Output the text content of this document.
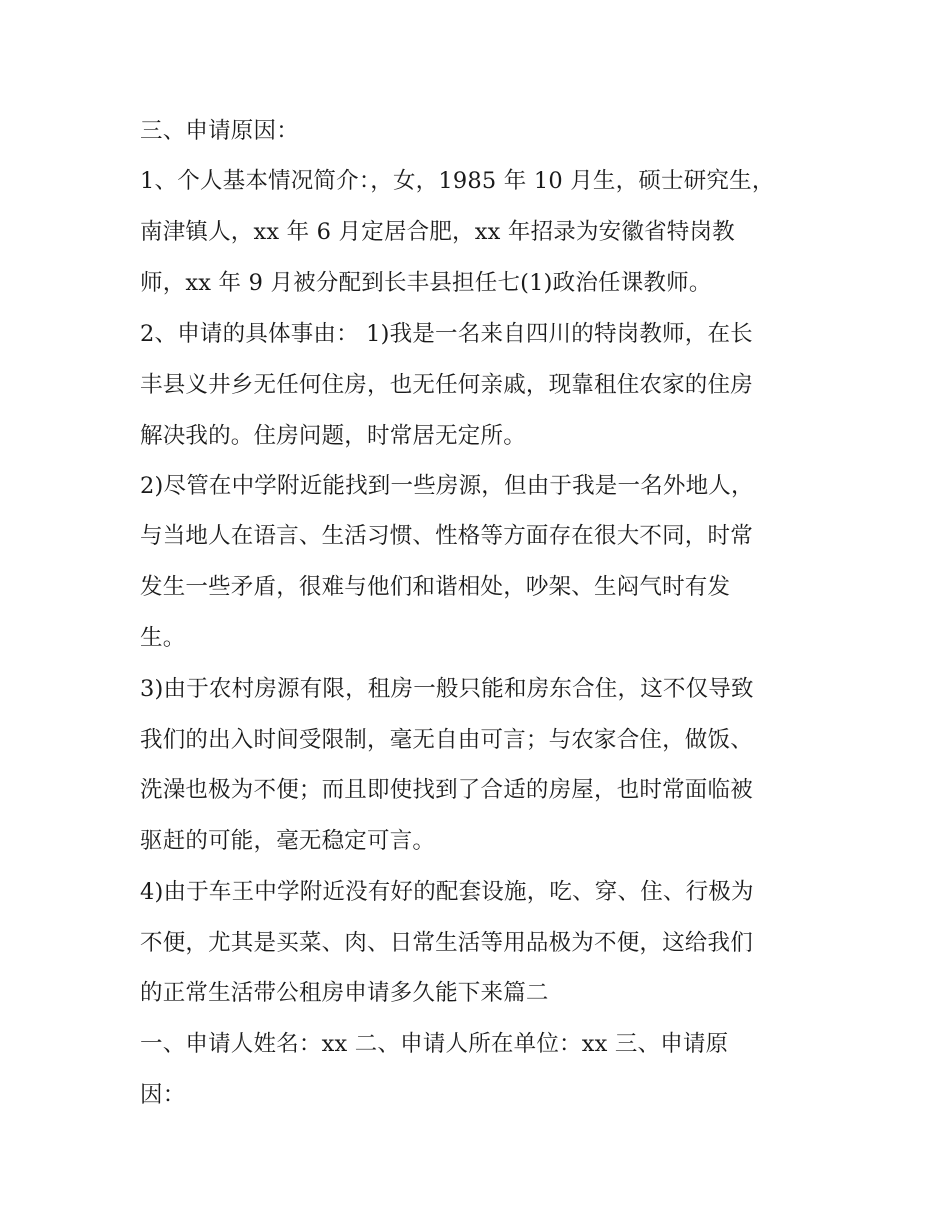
三、申请原因：
1、个人基本情况简介：，女，1985 年 10 月生，硕士研究生，
南津镇人，xx 年 6 月定居合肥，xx 年招录为安徽省特岗教
师，xx 年 9 月被分配到长丰县担任七(1)政治任课教师。
2、申请的具体事由： 1)我是一名来自四川的特岗教师，在长
丰县义井乡无任何住房，也无任何亲戚，现靠租住农家的住房
解决我的。住房问题，时常居无定所。
2)尽管在中学附近能找到一些房源，但由于我是一名外地人，
与当地人在语言、生活习惯、性格等方面存在很大不同，时常
发生一些矛盾，很难与他们和谐相处，吵架、生闷气时有发
生。
3)由于农村房源有限，租房一般只能和房东合住，这不仅导致
我们的出入时间受限制，毫无自由可言；与农家合住，做饭、
洗澡也极为不便；而且即使找到了合适的房屋，也时常面临被
驱赶的可能，毫无稳定可言。
4)由于车王中学附近没有好的配套设施，吃、穿、住、行极为
不便，尤其是买菜、肉、日常生活等用品极为不便，这给我们
的正常生活带公租房申请多久能下来篇二
一、申请人姓名：xx 二、申请人所在单位：xx 三、申请原
因：
